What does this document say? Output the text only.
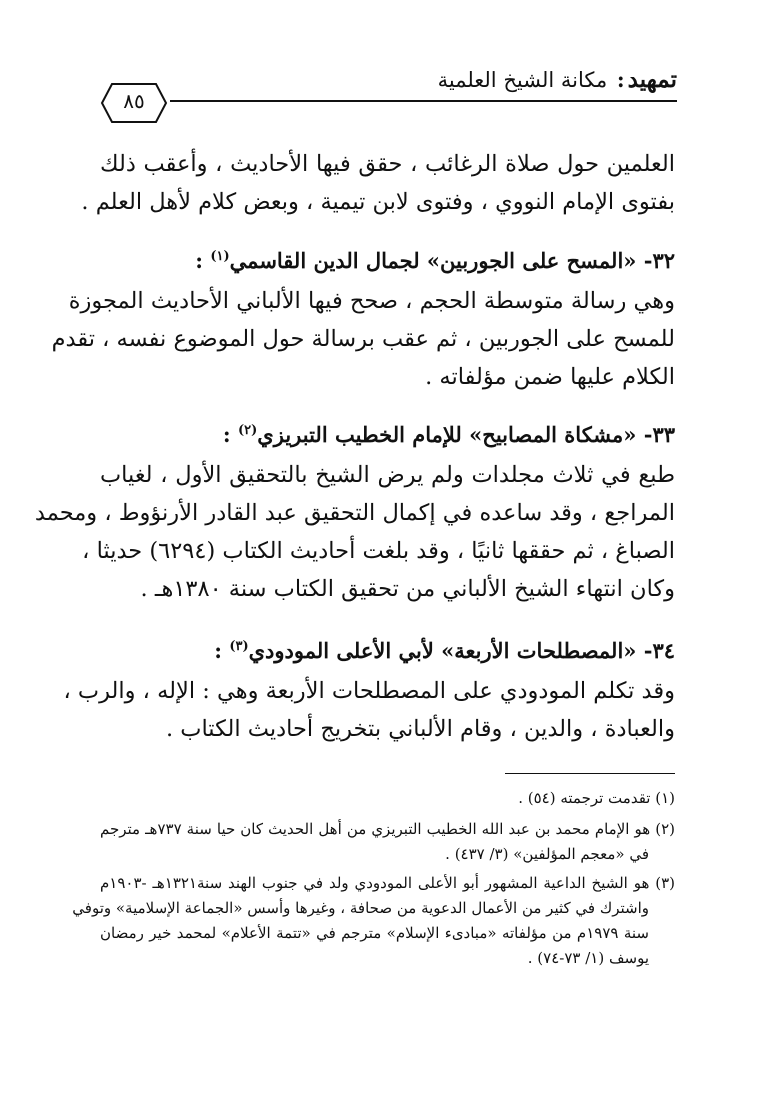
تمهيد: مكانة الشيخ العلمية
٨٥
العلمين حول صلاة الرغائب ، حقق فيها الأحاديث ، وأعقب ذلك
بفتوى الإمام النووي ، وفتوى لابن تيمية ، وبعض كلام لأهل العلم .
٣٢- «المسح على الجوربين» لجمال الدين القاسمي$^{(١)}$ :
وهي رسالة متوسطة الحجم ، صحح فيها الألباني الأحاديث المجوزة
للمسح على الجوربين ، ثم عقب برسالة حول الموضوع نفسه ، تقدم
الكلام عليها ضمن مؤلفاته .
٣٣- «مشكاة المصابيح» للإمام الخطيب التبريزي$^{(٢)}$ :
طبع في ثلاث مجلدات ولم يرض الشيخ بالتحقيق الأول ، لغياب
المراجع ، وقد ساعده في إكمال التحقيق عبد القادر الأرنؤوط ، ومحمد
الصباغ ، ثم حققها ثانيًا ، وقد بلغت أحاديث الكتاب (٦٢٩٤) حديثا ،
وكان انتهاء الشيخ الألباني من تحقيق الكتاب سنة ١٣٨٠هـ .
٣٤- «المصطلحات الأربعة» لأبي الأعلى المودودي$^{(٣)}$ :
وقد تكلم المودودي على المصطلحات الأربعة وهي : الإله ، والرب ،
والعبادة ، والدين ، وقام الألباني بتخريج أحاديث الكتاب .
(١) تقدمت ترجمته (٥٤) .
(٢) هو الإمام محمد بن عبد الله الخطيب التبريزي من أهل الحديث كان حيا سنة ٧٣٧هـ مترجم
في «معجم المؤلفين» (٣/ ٤٣٧) .
(٣) هو الشيخ الداعية المشهور أبو الأعلى المودودي ولد في جنوب الهند سنة١٣٢١هـ -١٩٠٣م
واشترك في كثير من الأعمال الدعوية من صحافة ، وغيرها وأسس «الجماعة الإسلامية» وتوفي
سنة ١٩٧٩م من مؤلفاته «مبادىء الإسلام» مترجم في «تتمة الأعلام» لمحمد خير رمضان
يوسف (١/ ٧٣-٧٤) .
